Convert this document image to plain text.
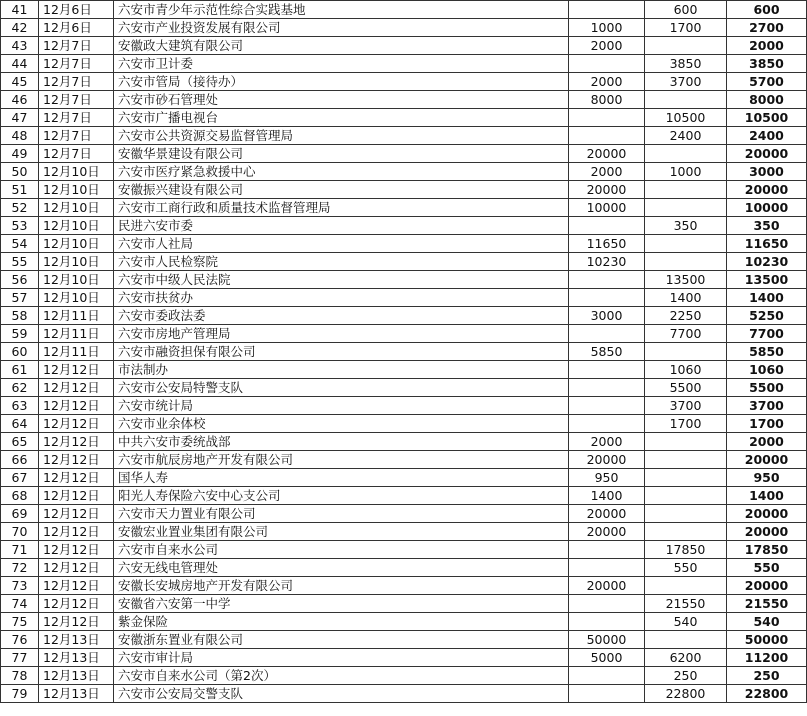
41	12月6日	六安市青少年示范性综合实践基地		600	600
42	12月6日	六安市产业投资发展有限公司	1000	1700	2700
43	12月7日	安徽政大建筑有限公司	2000		2000
44	12月7日	六安市卫计委		3850	3850
45	12月7日	六安市管局（接待办）	2000	3700	5700
46	12月7日	六安市砂石管理处	8000		8000
47	12月7日	六安市广播电视台		10500	10500
48	12月7日	六安市公共资源交易监督管理局		2400	2400
49	12月7日	安徽华景建设有限公司	20000		20000
50	12月10日	六安市医疗紧急救援中心	2000	1000	3000
51	12月10日	安徽振兴建设有限公司	20000		20000
52	12月10日	六安市工商行政和质量技术监督管理局	10000		10000
53	12月10日	民进六安市委		350	350
54	12月10日	六安市人社局	11650		11650
55	12月10日	六安市人民检察院	10230		10230
56	12月10日	六安市中级人民法院		13500	13500
57	12月10日	六安市扶贫办		1400	1400
58	12月11日	六安市委政法委	3000	2250	5250
59	12月11日	六安市房地产管理局		7700	7700
60	12月11日	六安市融资担保有限公司	5850		5850
61	12月12日	市法制办		1060	1060
62	12月12日	六安市公安局特警支队		5500	5500
63	12月12日	六安市统计局		3700	3700
64	12月12日	六安市业余体校		1700	1700
65	12月12日	中共六安市委统战部	2000		2000
66	12月12日	六安市航辰房地产开发有限公司	20000		20000
67	12月12日	国华人寿	950		950
68	12月12日	阳光人寿保险六安中心支公司	1400		1400
69	12月12日	六安市天力置业有限公司	20000		20000
70	12月12日	安徽宏业置业集团有限公司	20000		20000
71	12月12日	六安市自来水公司		17850	17850
72	12月12日	六安无线电管理处		550	550
73	12月12日	安徽长安城房地产开发有限公司	20000		20000
74	12月12日	安徽省六安第一中学		21550	21550
75	12月12日	紫金保险		540	540
76	12月13日	安徽浙东置业有限公司	50000		50000
77	12月13日	六安市审计局	5000	6200	11200
78	12月13日	六安市自来水公司（第2次）		250	250
79	12月13日	六安市公安局交警支队		22800	22800
